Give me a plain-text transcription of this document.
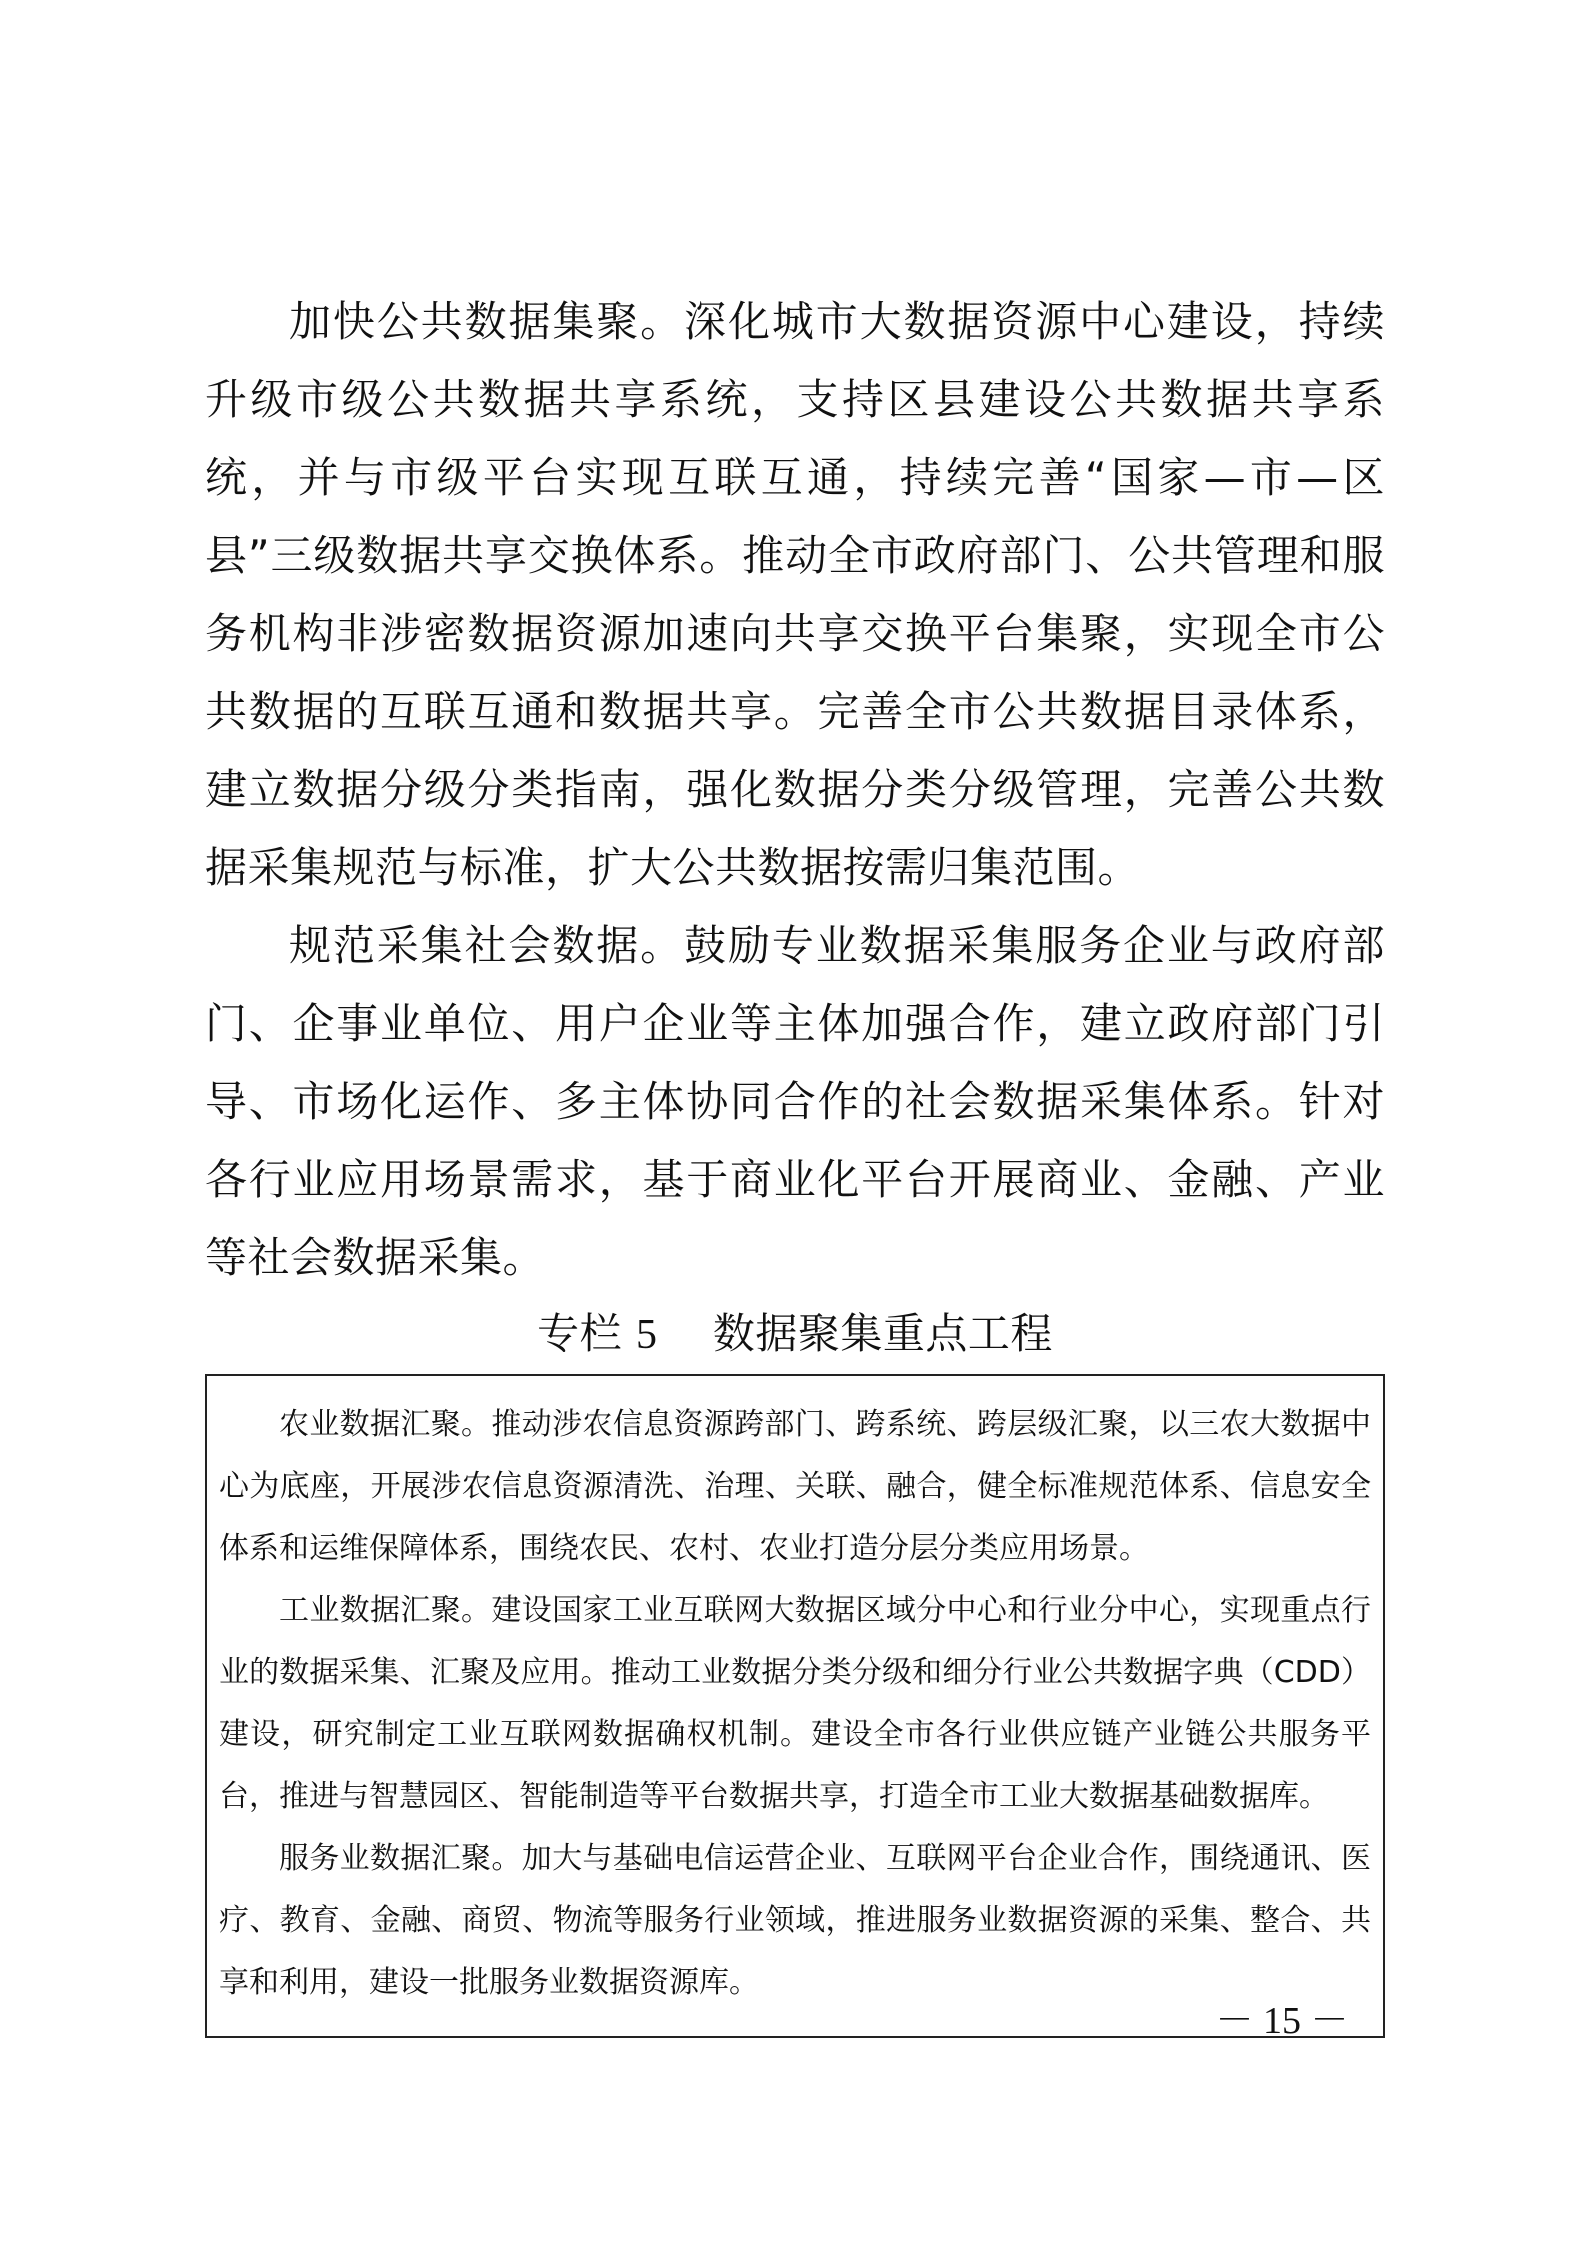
加快公共数据集聚。深化城市大数据资源中心建设，持续升级市级公共数据共享系统，支持区县建设公共数据共享系统，并与市级平台实现互联互通，持续完善“国家—市—区县”三级数据共享交换体系。推动全市政府部门、公共管理和服务机构非涉密数据资源加速向共享交换平台集聚，实现全市公共数据的互联互通和数据共享。完善全市公共数据目录体系，建立数据分级分类指南，强化数据分类分级管理，完善公共数据采集规范与标准，扩大公共数据按需归集范围。

规范采集社会数据。鼓励专业数据采集服务企业与政府部门、企事业单位、用户企业等主体加强合作，建立政府部门引导、市场化运作、多主体协同合作的社会数据采集体系。针对各行业应用场景需求，基于商业化平台开展商业、金融、产业等社会数据采集。

专栏 5 数据聚集重点工程

农业数据汇聚。推动涉农信息资源跨部门、跨系统、跨层级汇聚，以三农大数据中心为底座，开展涉农信息资源清洗、治理、关联、融合，健全标准规范体系、信息安全体系和运维保障体系，围绕农民、农村、农业打造分层分类应用场景。

工业数据汇聚。建设国家工业互联网大数据区域分中心和行业分中心，实现重点行业的数据采集、汇聚及应用。推动工业数据分类分级和细分行业公共数据字典（CDD）建设，研究制定工业互联网数据确权机制。建设全市各行业供应链产业链公共服务平台，推进与智慧园区、智能制造等平台数据共享，打造全市工业大数据基础数据库。

服务业数据汇聚。加大与基础电信运营企业、互联网平台企业合作，围绕通讯、医疗、教育、金融、商贸、物流等服务行业领域，推进服务业数据资源的采集、整合、共享和利用，建设一批服务业数据资源库。

－ 15 －
